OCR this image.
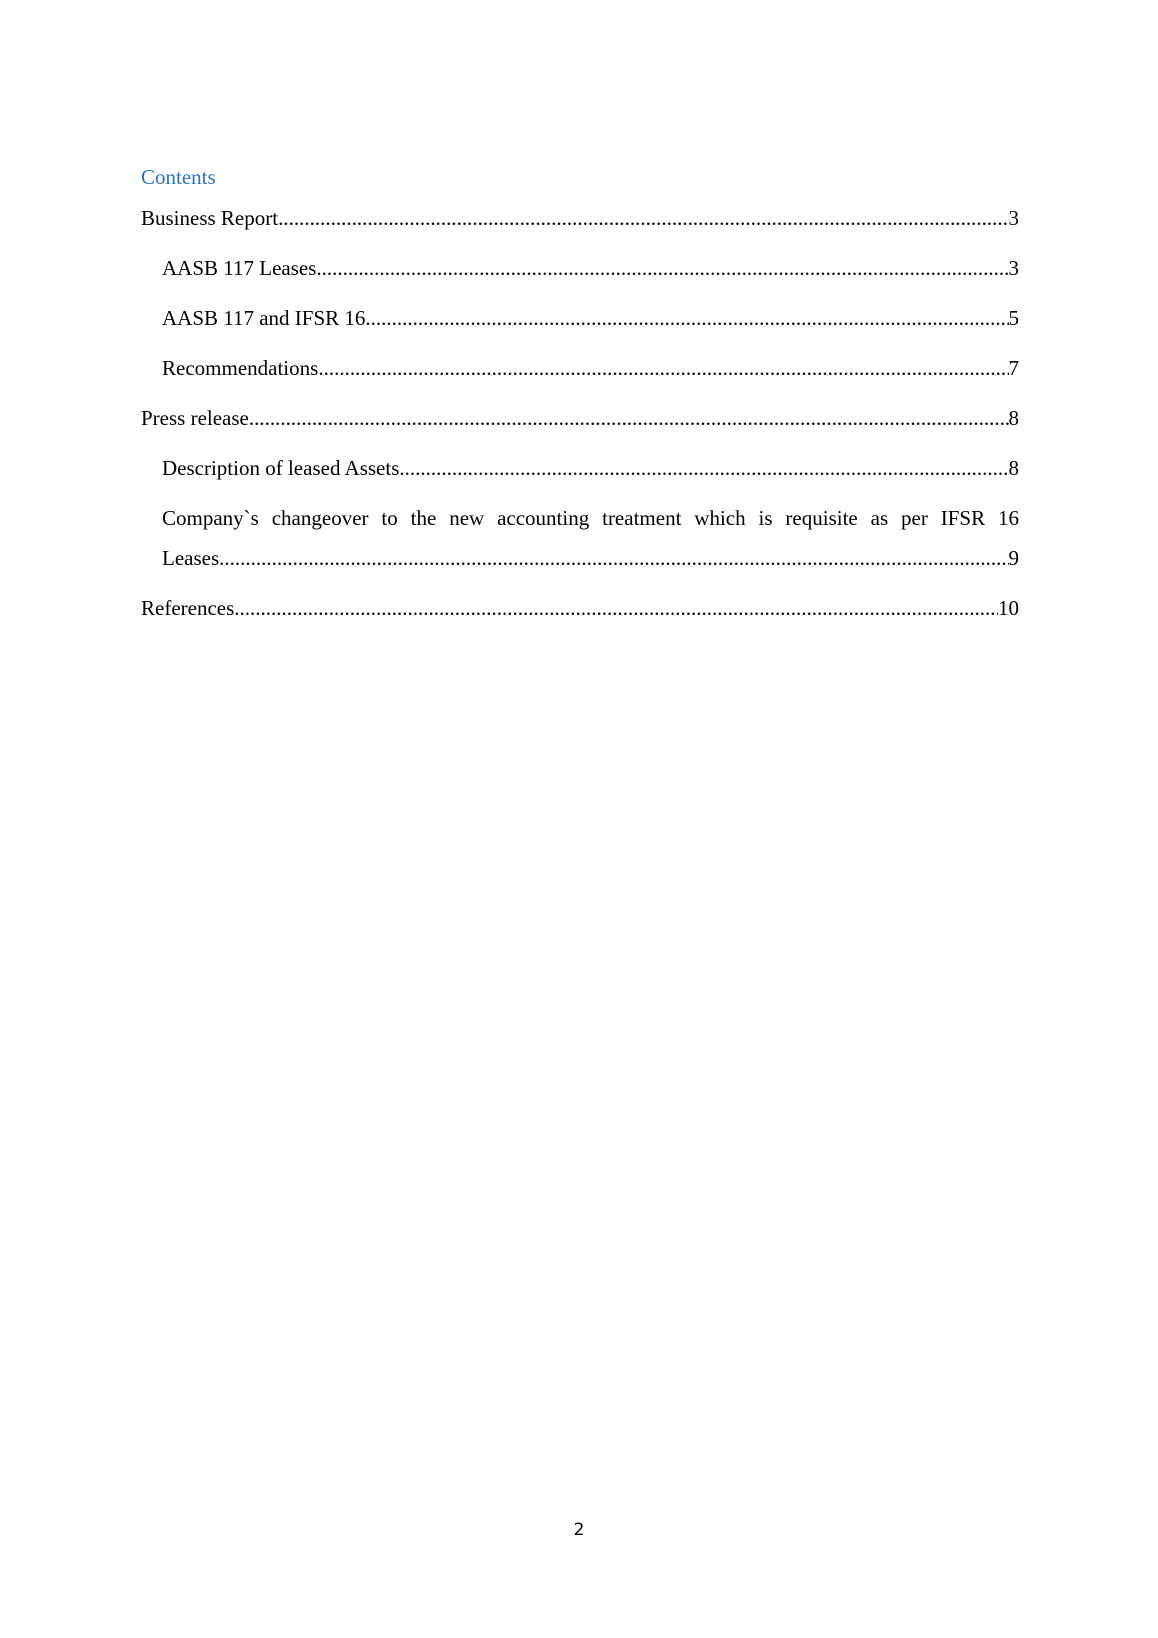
Contents
Business Report .....	3
AASB 117 Leases .....	3
AASB 117 and IFSR 16 .....	5
Recommendations .....	7
Press release .....	8
Description of leased Assets .....	8
Company`s changeover to the new accounting treatment which is requisite as per IFSR 16
Leases .....	9
References .....	10
2
